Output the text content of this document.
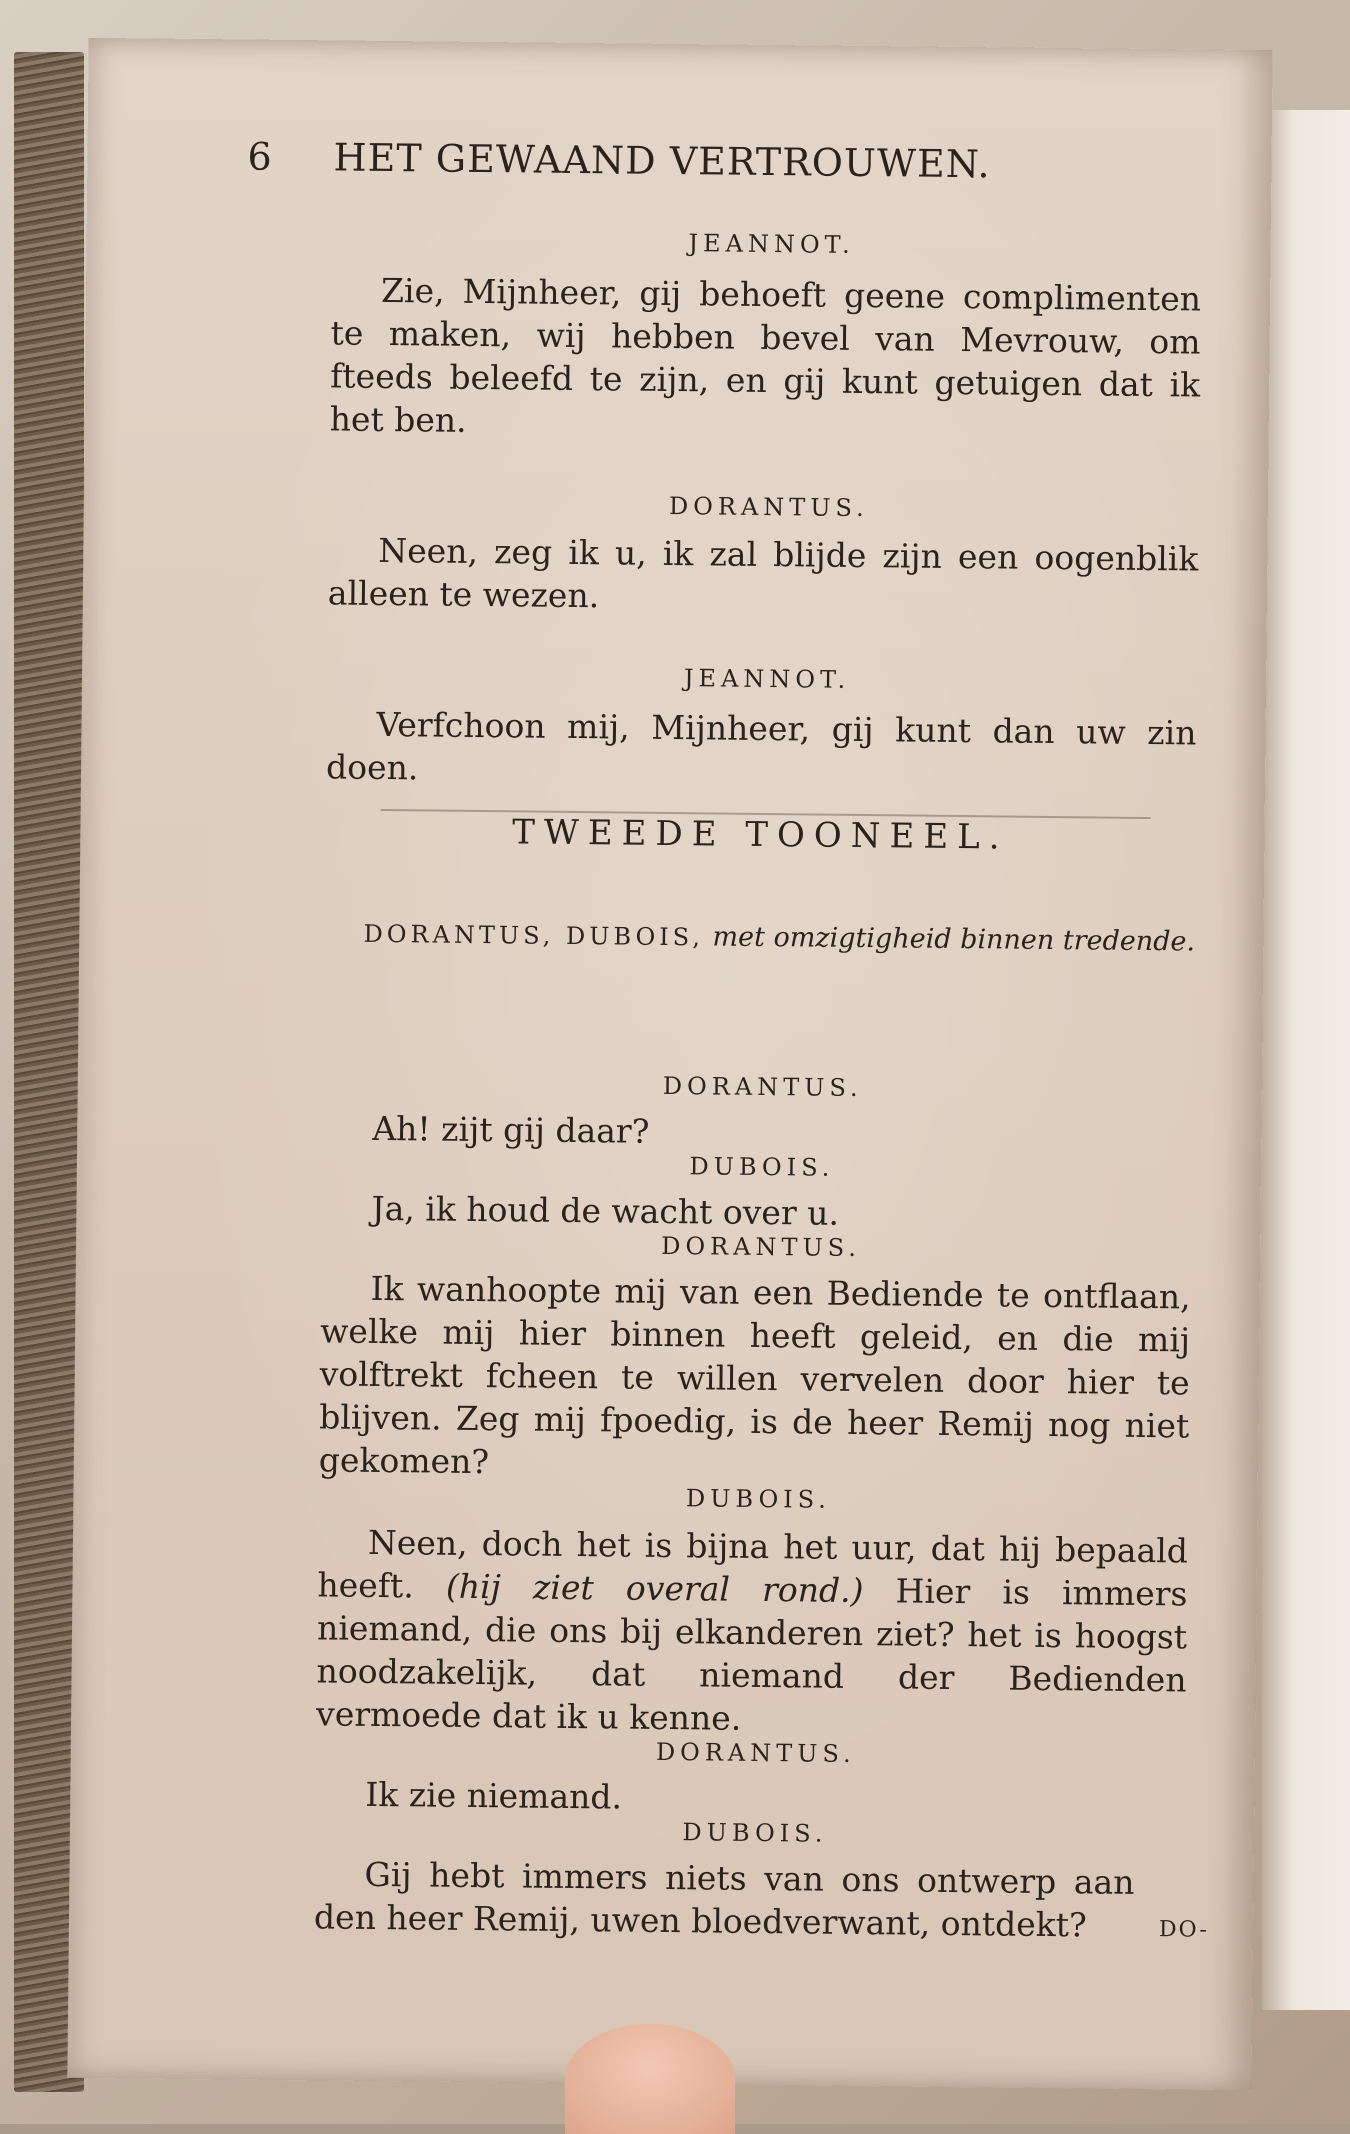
6 HET GEWAAND VERTROUWEN.
JEANNOT.
Zie, Mijnheer, gij behoeft geene complimenten te maken, wij hebben bevel van Mevrouw, om fteeds beleefd te zijn, en gij kunt getuigen dat ik het ben.
DORANTUS.
Neen, zeg ik u, ik zal blijde zijn een oogenblik alleen te wezen.
JEANNOT.
Verfchoon mij, Mijnheer, gij kunt dan uw zin doen.
TWEEDE TOONEEL.
DORANTUS, DUBOIS, met omzigtigheid binnen tredende.
DORANTUS.
Ah! zijt gij daar?
DUBOIS.
Ja, ik houd de wacht over u.
DORANTUS.
Ik wanhoopte mij van een Bediende te ontflaan, welke mij hier binnen heeft geleid, en die mij volftrekt fcheen te willen vervelen door hier te blijven. Zeg mij fpoedig, is de heer Remij nog niet gekomen?
DUBOIS.
Neen, doch het is bijna het uur, dat hij bepaald heeft. (hij ziet overal rond.) Hier is immers niemand, die ons bij elkanderen ziet? het is hoogst noodzakelijk, dat niemand der Bedienden vermoede dat ik u kenne.
DORANTUS.
Ik zie niemand.
DUBOIS.
Gij hebt immers niets van ons ontwerp aan den heer Remij, uwen bloedverwant, ontdekt?	DO-
